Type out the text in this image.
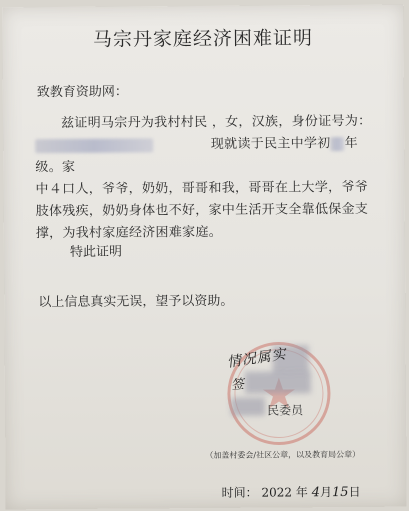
马宗丹家庭经济困难证明
致教育资助网：
兹证明马宗丹为我村村民 ，女，汉族，身份证号为：
现就读于民主中学初 年级。家
中４口人，爷爷，奶奶，哥哥和我，哥哥在上大学，爷爷
肢体残疾，奶奶身体也不好，家中生活开支全靠低保金支
撑，为我村家庭经济困难家庭。
特此证明
以上信息真实无误，望予以资助。
情况属实
签
民委员
（加盖村委会/社区公章，以及教育局公章）
时间： 2022 年 4月15日
